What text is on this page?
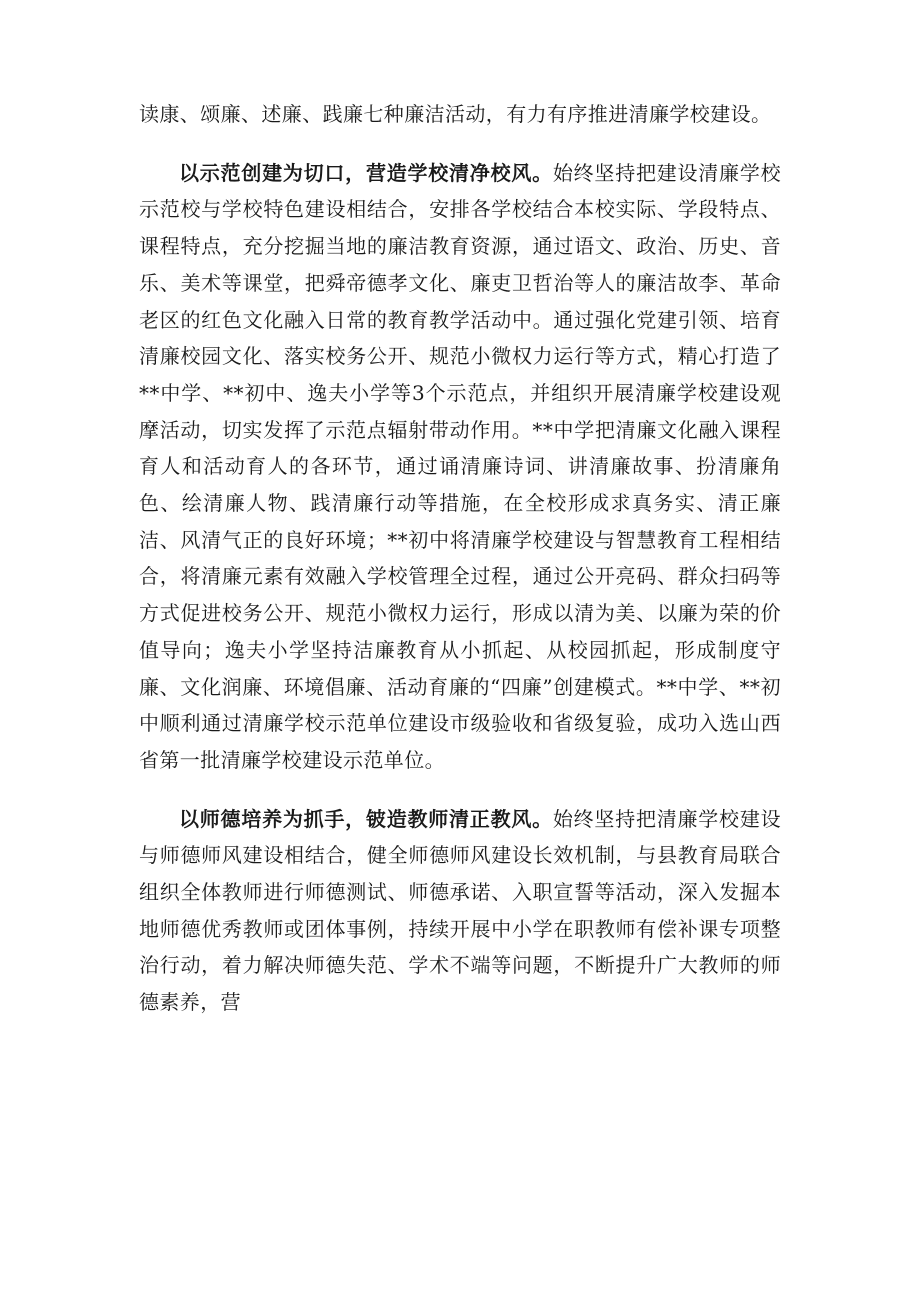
读康、颂廉、述廉、践廉七种廉洁活动，有力有序推进清廉学校建设。

以示范创建为切口，营造学校清净校风。始终坚持把建设清廉学校示范校与学校特色建设相结合，安排各学校结合本校实际、学段特点、课程特点，充分挖掘当地的廉洁教育资源，通过语文、政治、历史、音乐、美术等课堂，把舜帝德孝文化、廉吏卫哲治等人的廉洁故李、革命老区的红色文化融入日常的教育教学活动中。通过强化党建引领、培育清廉校园文化、落实校务公开、规范小微权力运行等方式，精心打造了**中学、**初中、逸夫小学等3个示范点，并组织开展清廉学校建设观摩活动，切实发挥了示范点辐射带动作用。**中学把清廉文化融入课程育人和活动育人的各环节，通过诵清廉诗词、讲清廉故事、扮清廉角色、绘清廉人物、践清廉行动等措施，在全校形成求真务实、清正廉洁、风清气正的良好环境；**初中将清廉学校建设与智慧教育工程相结合，将清廉元素有效融入学校管理全过程，通过公开亮码、群众扫码等方式促进校务公开、规范小微权力运行，形成以清为美、以廉为荣的价值导向；逸夫小学坚持洁廉教育从小抓起、从校园抓起，形成制度守廉、文化润廉、环境倡廉、活动育廉的“四廉”创建模式。**中学、**初中顺利通过清廉学校示范单位建设市级验收和省级复验，成功入选山西省第一批清廉学校建设示范单位。

以师德培养为抓手，铍造教师清正教风。始终坚持把清廉学校建设与师德师风建设相结合，健全师德师风建设长效机制，与县教育局联合组织全体教师进行师德测试、师德承诺、入职宣誓等活动，深入发掘本地师德优秀教师或团体事例，持续开展中小学在职教师有偿补课专项整治行动，着力解决师德失范、学术不端等问题，不断提升广大教师的师德素养，营
